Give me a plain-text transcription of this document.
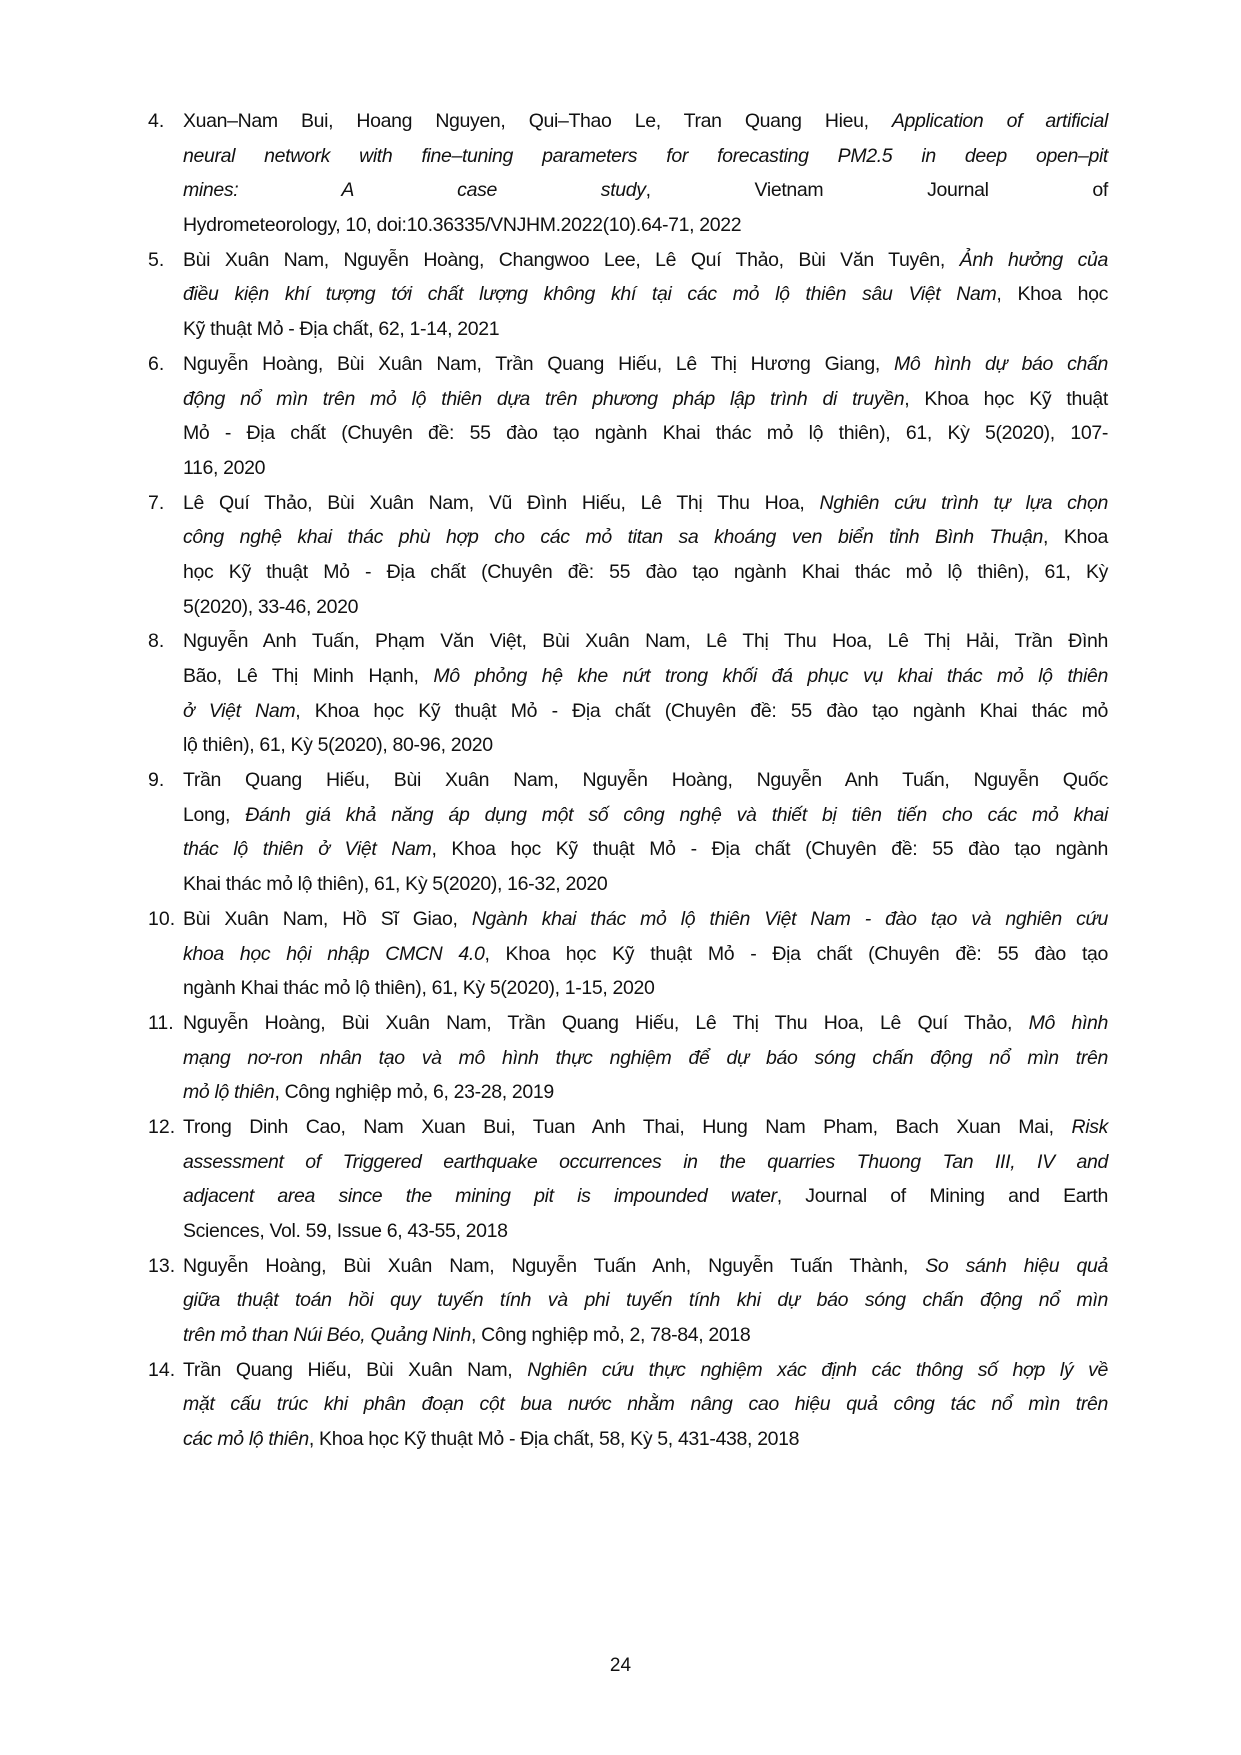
4. Xuan–Nam Bui, Hoang Nguyen, Qui–Thao Le, Tran Quang Hieu, Application of artificial
neural network with fine–tuning parameters for forecasting PM2.5 in deep open–pit
mines: A case study, Vietnam Journal of
Hydrometeorology, 10, doi:10.36335/VNJHM.2022(10).64-71, 2022
5. Bùi Xuân Nam, Nguyễn Hoàng, Changwoo Lee, Lê Quí Thảo, Bùi Văn Tuyên, Ảnh hưởng của
điều kiện khí tượng tới chất lượng không khí tại các mỏ lộ thiên sâu Việt Nam, Khoa học
Kỹ thuật Mỏ - Địa chất, 62, 1-14, 2021
6. Nguyễn Hoàng, Bùi Xuân Nam, Trần Quang Hiếu, Lê Thị Hương Giang, Mô hình dự báo chấn
động nổ mìn trên mỏ lộ thiên dựa trên phương pháp lập trình di truyền, Khoa học Kỹ thuật
Mỏ - Địa chất (Chuyên đề: 55 đào tạo ngành Khai thác mỏ lộ thiên), 61, Kỳ 5(2020), 107-
116, 2020
7. Lê Quí Thảo, Bùi Xuân Nam, Vũ Đình Hiếu, Lê Thị Thu Hoa, Nghiên cứu trình tự lựa chọn
công nghệ khai thác phù hợp cho các mỏ titan sa khoáng ven biển tỉnh Bình Thuận, Khoa
học Kỹ thuật Mỏ - Địa chất (Chuyên đề: 55 đào tạo ngành Khai thác mỏ lộ thiên), 61, Kỳ
5(2020), 33-46, 2020
8. Nguyễn Anh Tuấn, Phạm Văn Việt, Bùi Xuân Nam, Lê Thị Thu Hoa, Lê Thị Hải, Trần Đình
Bão, Lê Thị Minh Hạnh, Mô phỏng hệ khe nứt trong khối đá phục vụ khai thác mỏ lộ thiên
ở Việt Nam, Khoa học Kỹ thuật Mỏ - Địa chất (Chuyên đề: 55 đào tạo ngành Khai thác mỏ
lộ thiên), 61, Kỳ 5(2020), 80-96, 2020
9. Trần Quang Hiếu, Bùi Xuân Nam, Nguyễn Hoàng, Nguyễn Anh Tuấn, Nguyễn Quốc
Long, Đánh giá khả năng áp dụng một số công nghệ và thiết bị tiên tiến cho các mỏ khai
thác lộ thiên ở Việt Nam, Khoa học Kỹ thuật Mỏ - Địa chất (Chuyên đề: 55 đào tạo ngành
Khai thác mỏ lộ thiên), 61, Kỳ 5(2020), 16-32, 2020
10. Bùi Xuân Nam, Hồ Sĩ Giao, Ngành khai thác mỏ lộ thiên Việt Nam - đào tạo và nghiên cứu
khoa học hội nhập CMCN 4.0, Khoa học Kỹ thuật Mỏ - Địa chất (Chuyên đề: 55 đào tạo
ngành Khai thác mỏ lộ thiên), 61, Kỳ 5(2020), 1-15, 2020
11. Nguyễn Hoàng, Bùi Xuân Nam, Trần Quang Hiếu, Lê Thị Thu Hoa, Lê Quí Thảo, Mô hình
mạng nơ-ron nhân tạo và mô hình thực nghiệm để dự báo sóng chấn động nổ mìn trên
mỏ lộ thiên, Công nghiệp mỏ, 6, 23-28, 2019
12. Trong Dinh Cao, Nam Xuan Bui, Tuan Anh Thai, Hung Nam Pham, Bach Xuan Mai, Risk
assessment of Triggered earthquake occurrences in the quarries Thuong Tan III, IV and
adjacent area since the mining pit is impounded water, Journal of Mining and Earth
Sciences, Vol. 59, Issue 6, 43-55, 2018
13. Nguyễn Hoàng, Bùi Xuân Nam, Nguyễn Tuấn Anh, Nguyễn Tuấn Thành, So sánh hiệu quả
giữa thuật toán hồi quy tuyến tính và phi tuyến tính khi dự báo sóng chấn động nổ mìn
trên mỏ than Núi Béo, Quảng Ninh, Công nghiệp mỏ, 2, 78-84, 2018
14. Trần Quang Hiếu, Bùi Xuân Nam, Nghiên cứu thực nghiệm xác định các thông số hợp lý về
mặt cấu trúc khi phân đoạn cột bua nước nhằm nâng cao hiệu quả công tác nổ mìn trên
các mỏ lộ thiên, Khoa học Kỹ thuật Mỏ - Địa chất, 58, Kỳ 5, 431-438, 2018
24
